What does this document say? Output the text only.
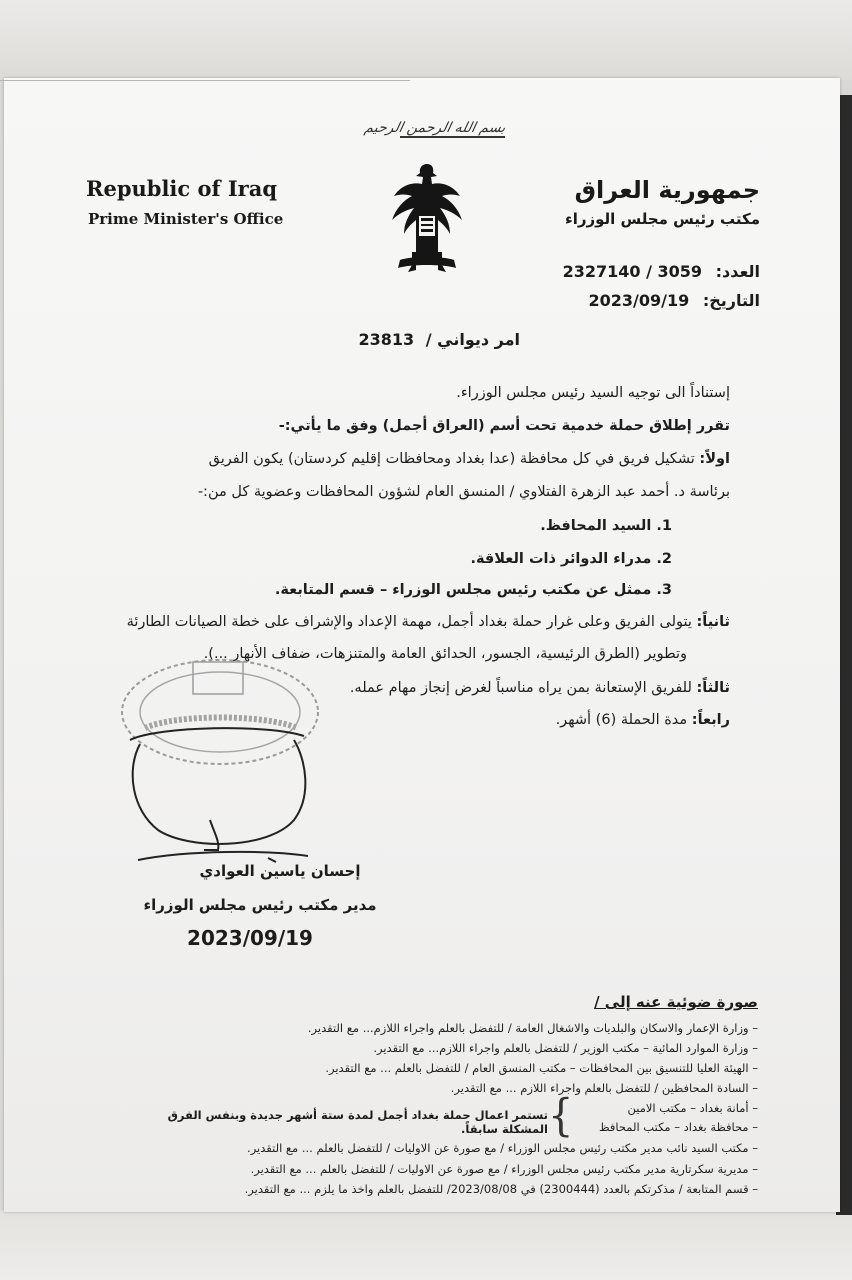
بسم الله الرحمن الرحيم
Republic of Iraq
Prime Minister's Office
جمهورية العراق
مكتب رئيس مجلس الوزراء
العدد: 3059 / 2327140
التاريخ: 2023/09/19
امر ديواني / 23813
إستناداً الى توجيه السيد رئيس مجلس الوزراء.
تقرر إطلاق حملة خدمية تحت أسم (العراق أجمل) وفق ما يأتي:-
اولاً: تشكيل فريق في كل محافظة (عدا بغداد ومحافظات إقليم كردستان) يكون الفريق
برئاسة د. أحمد عبد الزهرة الفتلاوي / المنسق العام لشؤون المحافظات وعضوية كل من:-
1. السيد المحافظ.
2. مدراء الدوائر ذات العلاقة.
3. ممثل عن مكتب رئيس مجلس الوزراء – قسم المتابعة.
ثانياً: يتولى الفريق وعلى غرار حملة بغداد أجمل، مهمة الإعداد والإشراف على خطة الصيانات الطارئة
وتطوير (الطرق الرئيسية، الجسور، الحدائق العامة والمتنزهات، ضفاف الأنهار ...).
ثالثاً: للفريق الإستعانة بمن يراه مناسباً لغرض إنجاز مهام عمله.
رابعاً: مدة الحملة (6) أشهر.
إحسان ياسين العوادي
مدير مكتب رئيس مجلس الوزراء
2023/09/19
صورة ضوئية عنه إلى /
– وزارة الإعمار والاسكان والبلديات والاشغال العامة / للتفضل بالعلم واجراء اللازم... مع التقدير.
– وزارة الموارد المائية – مكتب الوزير / للتفضل بالعلم واجراء اللازم... مع التقدير.
– الهيئة العليا للتنسيق بين المحافظات – مكتب المنسق العام / للتفضل بالعلم ... مع التقدير.
– السادة المحافظين / للتفضل بالعلم واجراء اللازم ... مع التقدير.
– أمانة بغداد – مكتب الامين
– محافظة بغداد – مكتب المحافظ
{
تستمر اعمال حملة بغداد أجمل لمدة ستة أشهر جديدة وبنفس الفرق المشكلة سابقاً.
– مكتب السيد نائب مدير مكتب رئيس مجلس الوزراء / مع صورة عن الاوليات / للتفضل بالعلم ... مع التقدير.
– مديرية سكرتارية مدير مكتب رئيس مجلس الوزراء / مع صورة عن الاوليات / للتفضل بالعلم ... مع التقدير.
– قسم المتابعة / مذكرتكم بالعدد (2300444) في 2023/08/08/ للتفضل بالعلم واخذ ما يلزم ... مع التقدير.
